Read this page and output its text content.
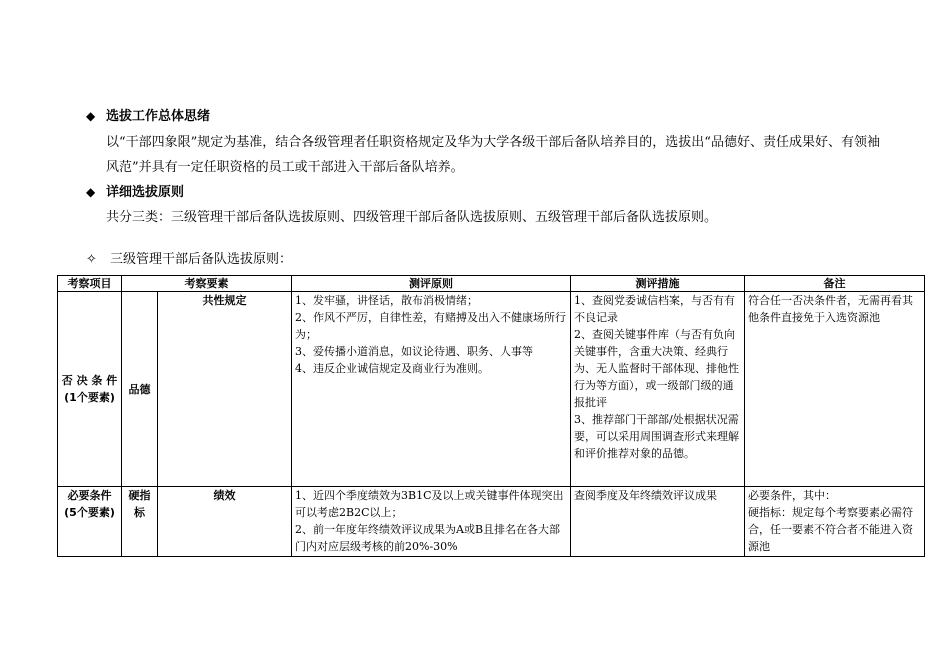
◆ 选拔工作总体思绪
以“干部四象限”规定为基准，结合各级管理者任职资格规定及华为大学各级干部后备队培养目的，选拔出“品德好、责任成果好、有领袖风范”并具有一定任职资格的员工或干部进入干部后备队培养。
◆ 详细选拔原则
共分三类：三级管理干部后备队选拔原则、四级管理干部后备队选拔原则、五级管理干部后备队选拔原则。
✧ 三级管理干部后备队选拔原则：
考察项目	考察要素		测评原则	测评措施	备注

否 决 条 件
(1个要素)	品德	共性规定	1、发牢骚，讲怪话，散布消极情绪；
2、作风不严厉，自律性差，有赌搏及出入不健康场所行为；
3、爱传播小道消息，如议论待遇、职务、人事等
4、违反企业诚信规定及商业行为准则。	1、查阅党委诚信档案，与否有有不良记录
2、查阅关键事件库（与否有负向关键事件，含重大决策、经典行为、无人监督时干部体现、排他性行为等方面），或一级部门级的通报批评
3、推荐部门干部部/处根据状况需要，可以采用周围调查形式来理解和评价推荐对象的品德。	符合任一否决条件者，无需再看其他条件直接免于入选资源池

必要条件
(5个要素)	硬指标	绩效	1、近四个季度绩效为3B1C及以上或关键事件体现突出可以考虑2B2C以上；
2、前一年度年终绩效评议成果为A或B且排名在各大部门内对应层级考核的前20%-30%	查阅季度及年终绩效评议成果	必要条件，其中：
硬指标：规定每个考察要素必需符合，任一要素不符合者不能进入资源池
